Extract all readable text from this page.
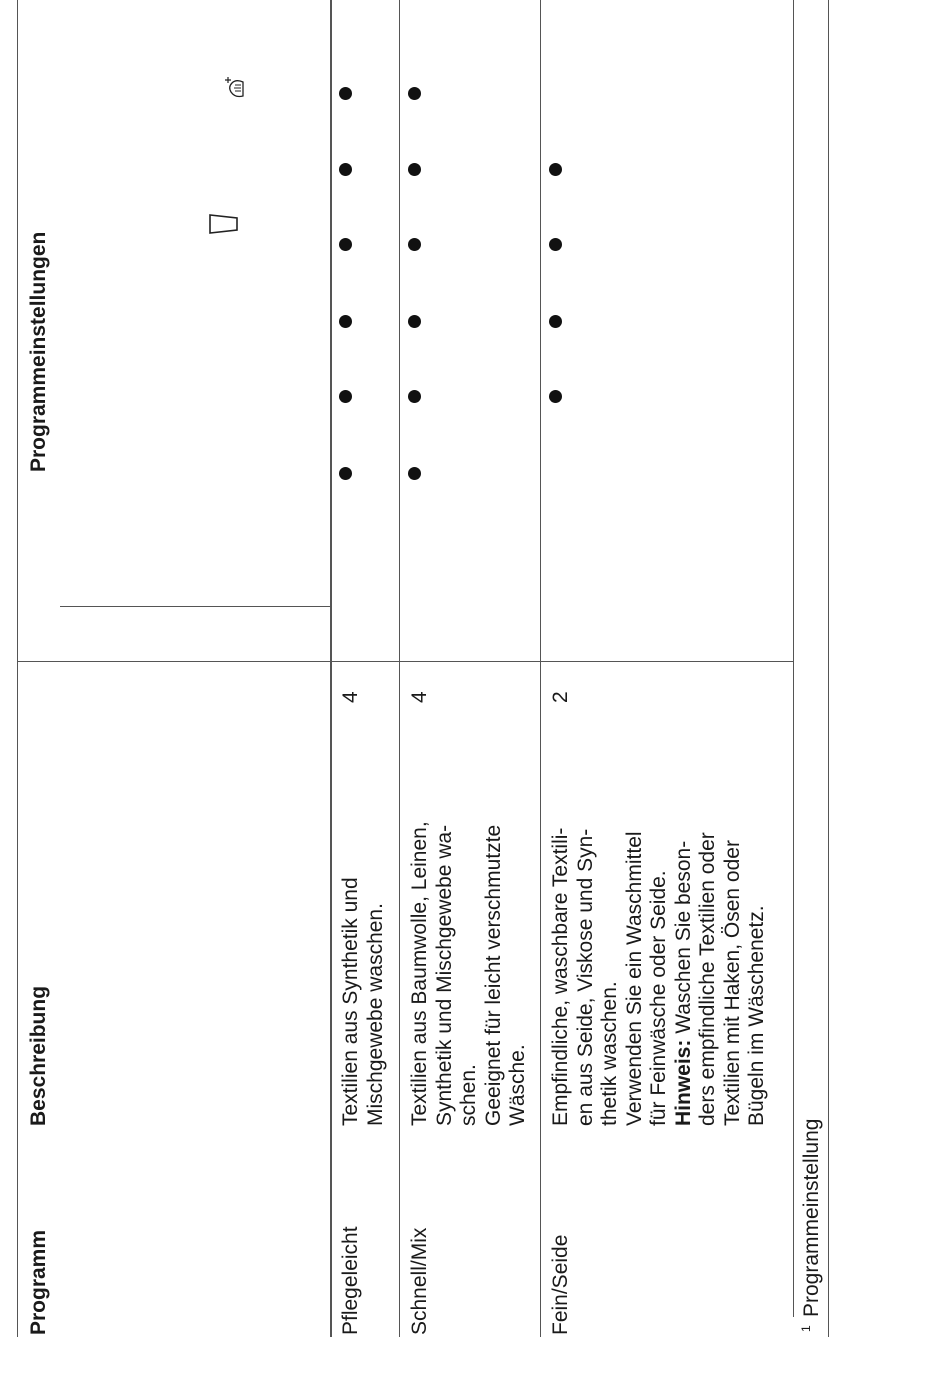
Programm
Beschreibung
Programmeinstellungen
Pflegeleicht
Textilien aus Synthetik und Mischgewebe waschen.
4
Schnell/Mix
Textilien aus Baumwolle, Leinen, Synthetik und Mischgewebe wa- schen. Geeignet für leicht verschmutzte Wäsche.
4
Fein/Seide
Empfindliche, waschbare Textili- en aus Seide, Viskose und Syn- thetik waschen. Verwenden Sie ein Waschmittel für Feinwäsche oder Seide. Hinweis: Waschen Sie beson- ders empfindliche Textilien oder Textilien mit Haken, Ösen oder Bügeln im Wäschenetz.
2
1
Programmeinstellung
